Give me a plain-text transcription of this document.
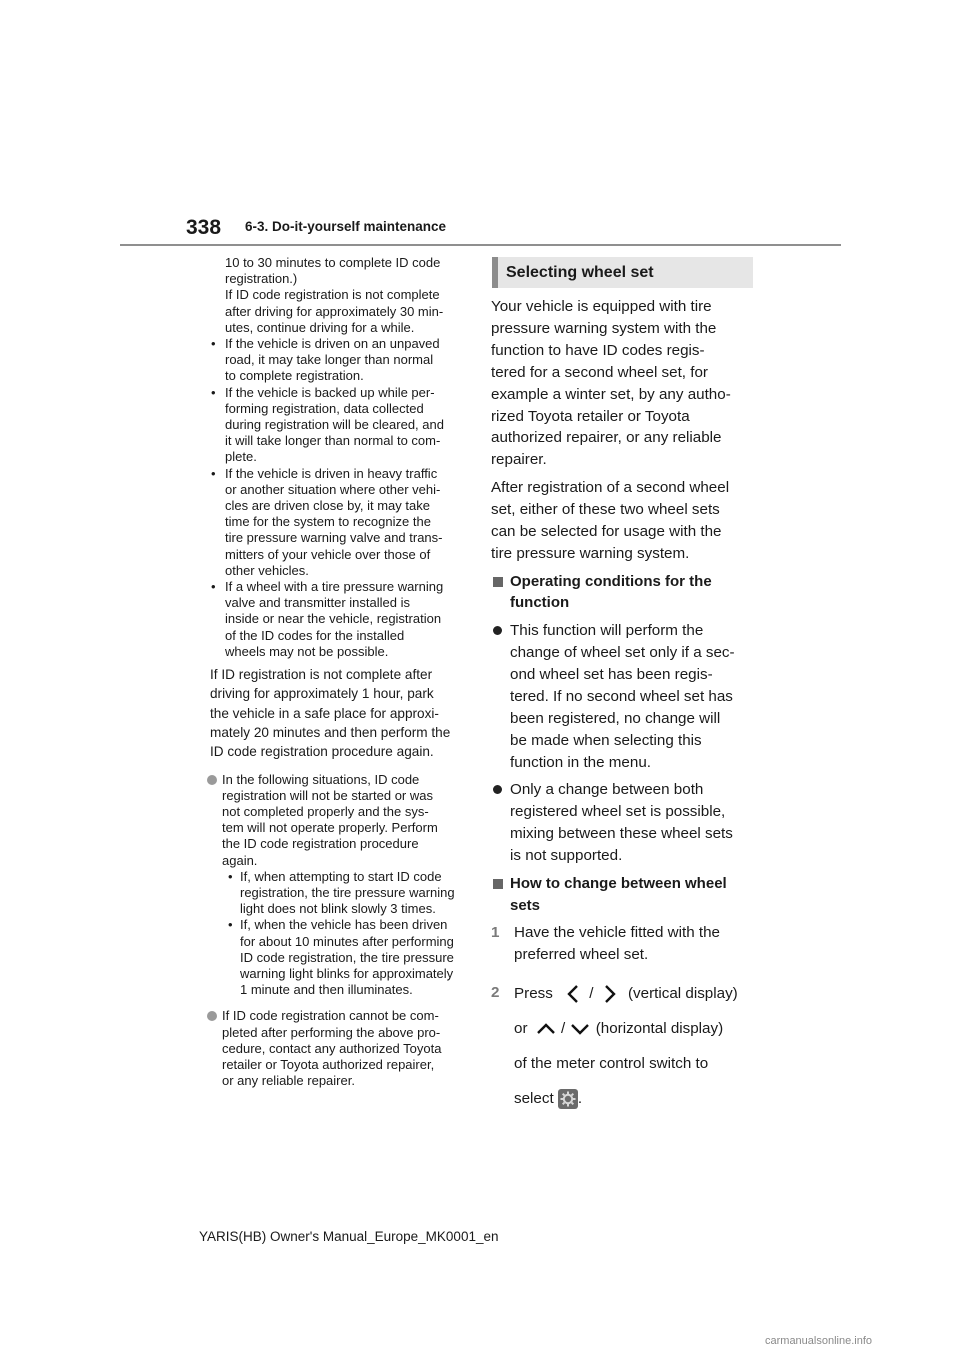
338 6-3. Do-it-yourself maintenance
10 to 30 minutes to complete ID code
registration.)
If ID code registration is not complete
after driving for approximately 30 min-
utes, continue driving for a while.
• If the vehicle is driven on an unpaved
road, it may take longer than normal
to complete registration.
• If the vehicle is backed up while per-
forming registration, data collected
during registration will be cleared, and
it will take longer than normal to com-
plete.
• If the vehicle is driven in heavy traffic
or another situation where other vehi-
cles are driven close by, it may take
time for the system to recognize the
tire pressure warning valve and trans-
mitters of your vehicle over those of
other vehicles.
• If a wheel with a tire pressure warning
valve and transmitter installed is
inside or near the vehicle, registration
of the ID codes for the installed
wheels may not be possible.
If ID registration is not complete after
driving for approximately 1 hour, park
the vehicle in a safe place for approxi-
mately 20 minutes and then perform the
ID code registration procedure again.
In the following situations, ID code
registration will not be started or was
not completed properly and the sys-
tem will not operate properly. Perform
the ID code registration procedure
again.
• If, when attempting to start ID code
registration, the tire pressure warning
light does not blink slowly 3 times.
• If, when the vehicle has been driven
for about 10 minutes after performing
ID code registration, the tire pressure
warning light blinks for approximately
1 minute and then illuminates.
If ID code registration cannot be com-
pleted after performing the above pro-
cedure, contact any authorized Toyota
retailer or Toyota authorized repairer,
or any reliable repairer.
Selecting wheel set
Your vehicle is equipped with tire
pressure warning system with the
function to have ID codes regis-
tered for a second wheel set, for
example a winter set, by any autho-
rized Toyota retailer or Toyota
authorized repairer, or any reliable
repairer.
After registration of a second wheel
set, either of these two wheel sets
can be selected for usage with the
tire pressure warning system.
Operating conditions for the
function
This function will perform the
change of wheel set only if a sec-
ond wheel set has been regis-
tered. If no second wheel set has
been registered, no change will
be made when selecting this
function in the menu.
Only a change between both
registered wheel set is possible,
mixing between these wheel sets
is not supported.
How to change between wheel
sets
1 Have the vehicle fitted with the
preferred wheel set.
2 Press / (vertical display)
or / (horizontal display)
of the meter control switch to
select .
YARIS(HB) Owner's Manual_Europe_MK0001_en
carmanualsonline.info
